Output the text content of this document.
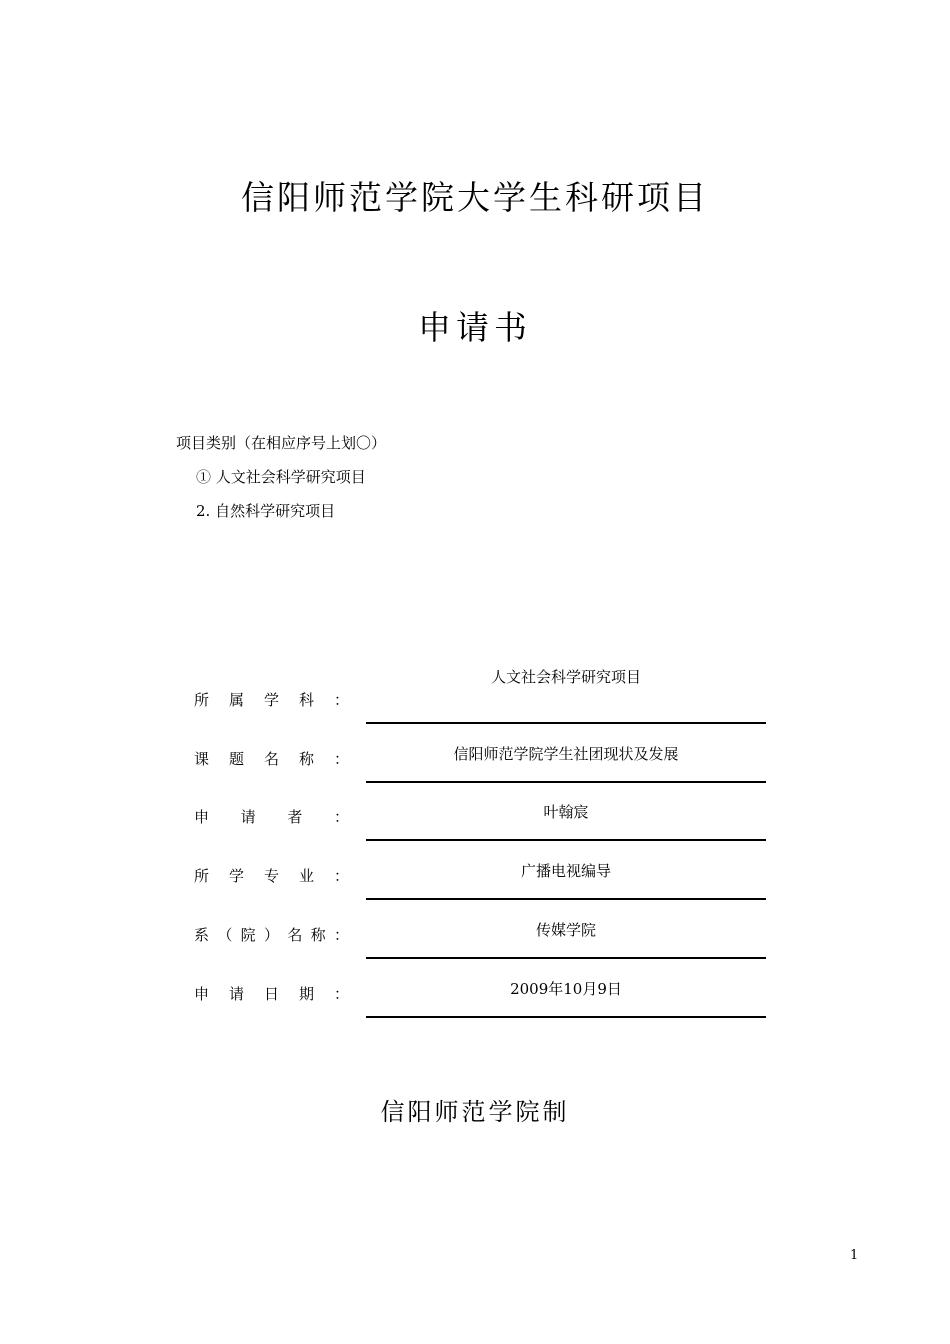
信阳师范学院大学生科研项目
申请书
项目类别（在相应序号上划〇）
① 人文社会科学研究项目
2. 自然科学研究项目
所 属 学 科 ：
人文社会科学研究项目
课 题 名 称 ：	信阳师范学院学生社团现状及发展
申 请 者 ：	叶翰宸
所 学 专 业 ：	广播电视编导
系 （ 院 ） 名 称 ：	传媒学院
申 请 日 期 ：	2009年10月9日
信阳师范学院制
1
